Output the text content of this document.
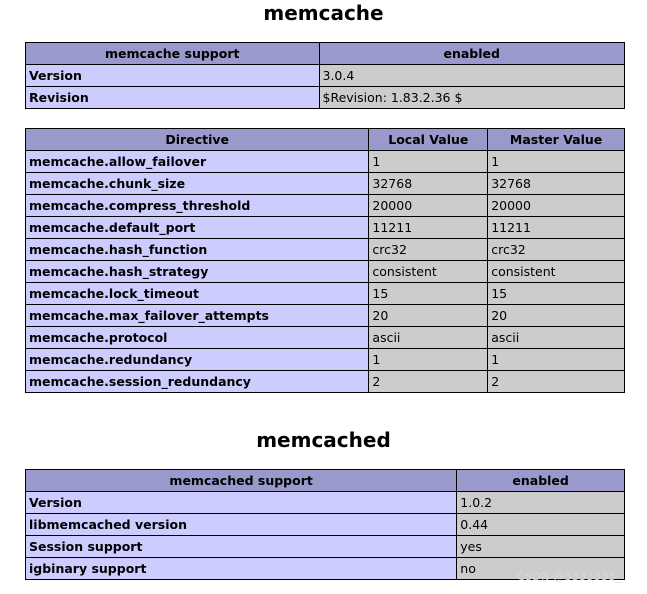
memcache
memcache support	enabled
Version	3.0.4
Revision	$Revision: 1.83.2.36 $
Directive	Local Value	Master Value
memcache.allow_failover	1	1
memcache.chunk_size	32768	32768
memcache.compress_threshold	20000	20000
memcache.default_port	11211	11211
memcache.hash_function	crc32	crc32
memcache.hash_strategy	consistent	consistent
memcache.lock_timeout	15	15
memcache.max_failover_attempts	20	20
memcache.protocol	ascii	ascii
memcache.redundancy	1	1
memcache.session_redundancy	2	2
memcached
memcached support	enabled
Version	1.0.2
libmemcached version	0.44
Session support	yes
igbinary support	no
CSDN @3333333_
